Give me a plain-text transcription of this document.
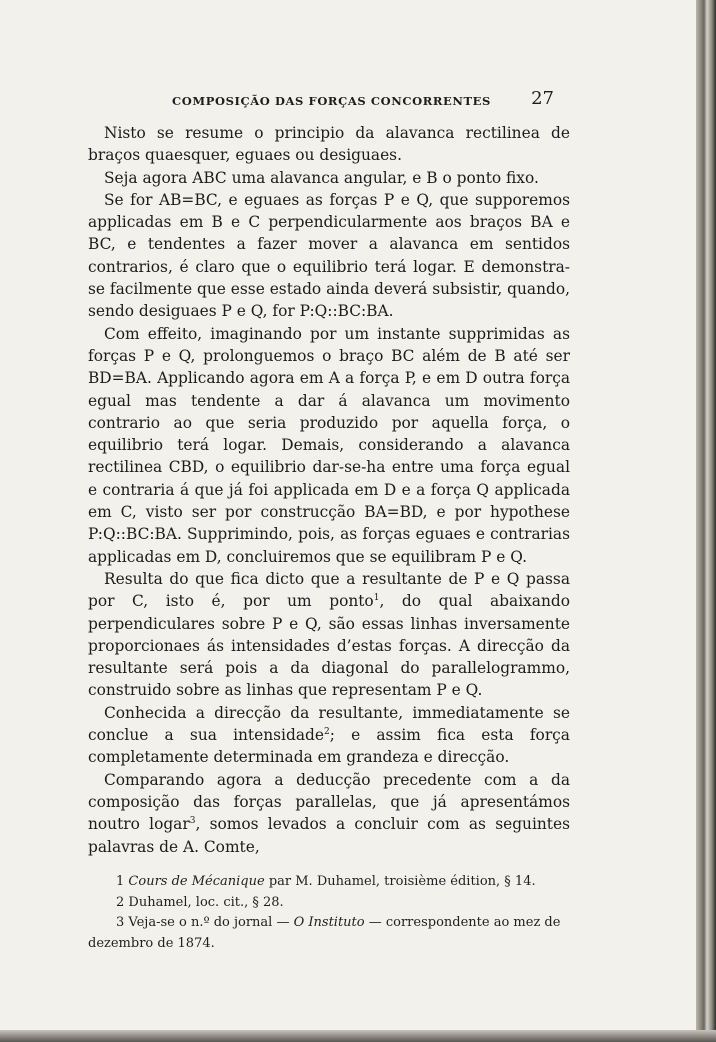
COMPOSIÇÃO DAS FORÇAS CONCORRENTES 27

Nisto se resume o principio da alavanca rectilinea de braços quaesquer, eguaes ou desiguaes.

Seja agora ABC uma alavanca angular, e B o ponto fixo.

Se for AB=BC, e eguaes as forças P e Q, que supporemos applicadas em B e C perpendicularmente aos braços BA e BC, e tendentes a fazer mover a alavanca em sentidos contrarios, é claro que o equilibrio terá logar. E demonstra-se facilmente que esse estado ainda deverá subsistir, quando, sendo desiguaes P e Q, for P:Q::BC:BA.

Com effeito, imaginando por um instante supprimidas as forças P e Q, prolonguemos o braço BC além de B até ser BD=BA. Applicando agora em A a força P, e em D outra força egual mas tendente a dar á alavanca um movimento contrario ao que seria produzido por aquella força, o equilibrio terá logar. Demais, considerando a alavanca rectilinea CBD, o equilibrio dar-se-ha entre uma força egual e contraria á que já foi applicada em D e a força Q applicada em C, visto ser por construcção BA=BD, e por hypothese P:Q::BC:BA. Supprimindo, pois, as forças eguaes e contrarias applicadas em D, concluiremos que se equilibram P e Q.

Resulta do que fica dicto que a resultante de P e Q passa por C, isto é, por um ponto$^1$, do qual abaixando perpendiculares sobre P e Q, são essas linhas inversamente proporcionaes ás intensidades d’estas forças. A direcção da resultante será pois a da diagonal do parallelogrammo, construido sobre as linhas que representam P e Q.

Conhecida a direcção da resultante, immediatamente se conclue a sua intensidade$^2$; e assim fica esta força completamente determinada em grandeza e direcção.

Comparando agora a deducção precedente com a da composição das forças parallelas, que já apresentámos noutro logar$^3$, somos levados a concluir com as seguintes palavras de A. Comte,

1 Cours de Mécanique par M. Duhamel, troisième édition, § 14.

2 Duhamel, loc. cit., § 28.

3 Veja-se o n.º do jornal — O Instituto — correspondente ao mez de dezembro de 1874.
